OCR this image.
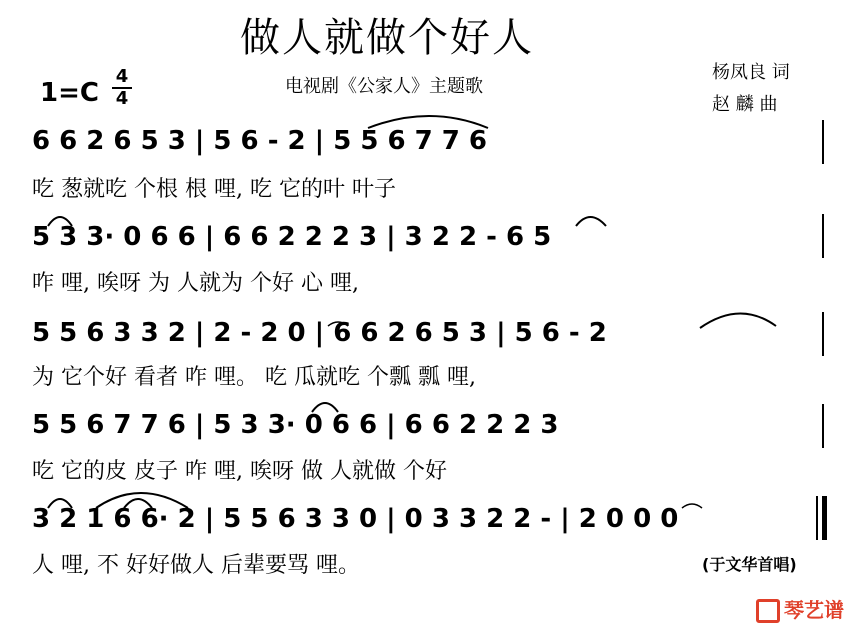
做人就做个好人
电视剧《公家人》主题歌
杨凤良 词
赵 麟 曲
1=C
4
4
6 6 2 6 5 3 | 5 6 - 2 | 5 5 6 7 7 6
5 3 3· 0 6 6 | 6 6 2 2 2 3 | 3 2 2 - 6 5
5 5 6 3 3 2 | 2 - 2 0 | 6 6 2 6 5 3 | 5 6 - 2
5 5 6 7 7 6 | 5 3 3· 0 6 6 | 6 6 2 2 2 3
3 2 1 6 6· 2 | 5 5 6 3 3 0 | 0 3 3 2 2 - | 2 0 0 0
吃 葱就吃 个根 根 哩, 吃 它的叶 叶子
咋 哩, 唉呀 为 人就为 个好 心 哩,
为 它个好 看者 咋 哩。 吃 瓜就吃 个瓢 瓢 哩,
吃 它的皮 皮子 咋 哩, 唉呀 做 人就做 个好
人 哩, 不 好好做人 后辈要骂 哩。	(于文华首唱)
琴艺谱
